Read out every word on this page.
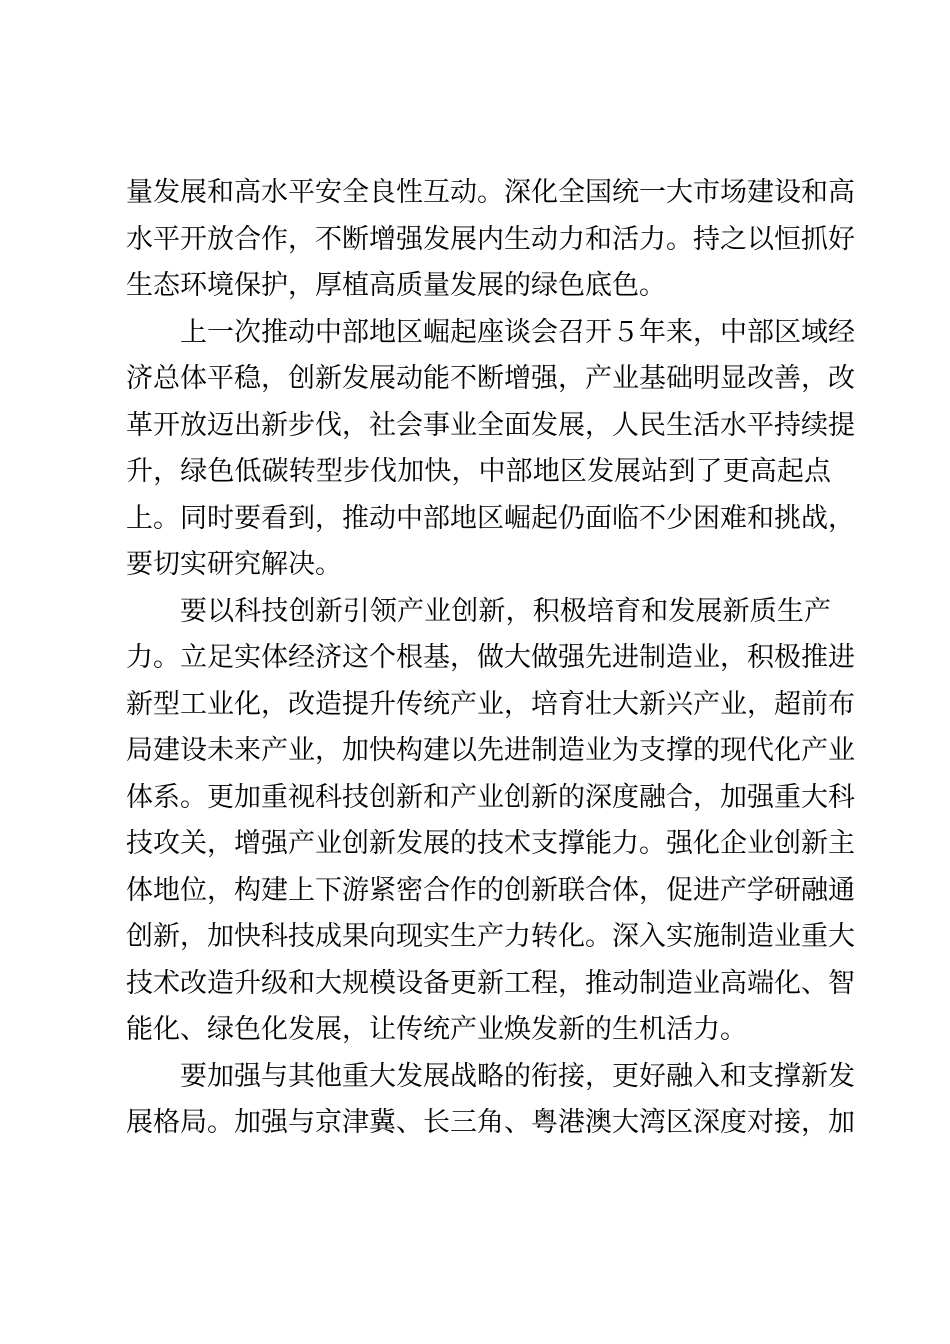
量发展和高水平安全良性互动。深化全国统一大市场建设和高
水平开放合作，不断增强发展内生动力和活力。持之以恒抓好
生态环境保护，厚植高质量发展的绿色底色。
上一次推动中部地区崛起座谈会召开５年来，中部区域经
济总体平稳，创新发展动能不断增强，产业基础明显改善，改
革开放迈出新步伐，社会事业全面发展，人民生活水平持续提
升，绿色低碳转型步伐加快，中部地区发展站到了更高起点
上。同时要看到，推动中部地区崛起仍面临不少困难和挑战，
要切实研究解决。
要以科技创新引领产业创新，积极培育和发展新质生产
力。立足实体经济这个根基，做大做强先进制造业，积极推进
新型工业化，改造提升传统产业，培育壮大新兴产业，超前布
局建设未来产业，加快构建以先进制造业为支撑的现代化产业
体系。更加重视科技创新和产业创新的深度融合，加强重大科
技攻关，增强产业创新发展的技术支撑能力。强化企业创新主
体地位，构建上下游紧密合作的创新联合体，促进产学研融通
创新，加快科技成果向现实生产力转化。深入实施制造业重大
技术改造升级和大规模设备更新工程，推动制造业高端化、智
能化、绿色化发展，让传统产业焕发新的生机活力。
要加强与其他重大发展战略的衔接，更好融入和支撑新发
展格局。加强与京津冀、长三角、粤港澳大湾区深度对接，加
